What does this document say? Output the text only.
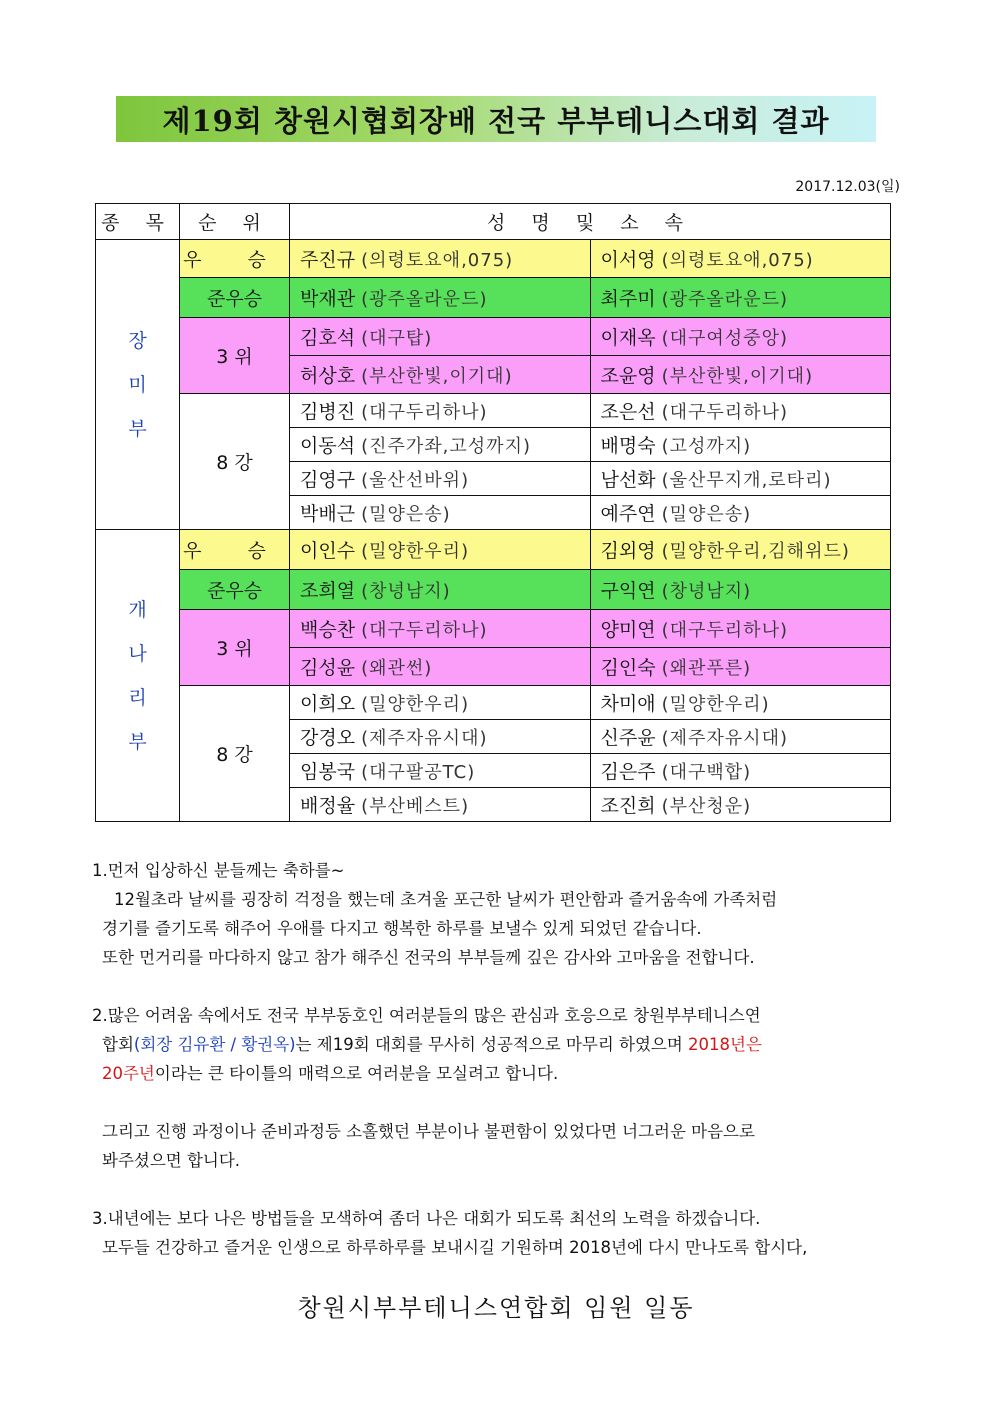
제19회 창원시협회장배 전국 부부테니스대회 결과
2017.12.03(일)
종 목	순 위	성 명 및 소 속	

장
미
부	우 승	주진규 (의령토요애,075)	이서영 (의령토요애,075)
	준우승	박재관 (광주올라운드)	최주미 (광주올라운드)
	3 위	김호석 (대구탑)	이재옥 (대구여성중앙)
		허상호 (부산한빛,이기대)	조윤영 (부산한빛,이기대)
	8 강	김병진 (대구두리하나)	조은선 (대구두리하나)
		이동석 (진주가좌,고성까지)	배명숙 (고성까지)
		김영구 (울산선바위)	남선화 (울산무지개,로타리)
		박배근 (밀양은송)	예주연 (밀양은송)

개
나
리
부	우 승	이인수 (밀양한우리)	김외영 (밀양한우리,김해위드)
	준우승	조희열 (창녕남지)	구익연 (창녕남지)
	3 위	백승찬 (대구두리하나)	양미연 (대구두리하나)
		김성윤 (왜관썬)	김인숙 (왜관푸른)
	8 강	이희오 (밀양한우리)	차미애 (밀양한우리)
		강경오 (제주자유시대)	신주윤 (제주자유시대)
		임봉국 (대구팔공TC)	김은주 (대구백합)
		배정율 (부산베스트)	조진희 (부산청운)

1.먼저 입상하신 분들께는 축하를~

12월초라 날씨를 굉장히 걱정을 했는데 초겨울 포근한 날씨가 편안함과 즐거움속에 가족처럼

경기를 즐기도록 해주어 우애를 다지고 행복한 하루를 보낼수 있게 되었던 같습니다.

또한 먼거리를 마다하지 않고 참가 해주신 전국의 부부들께 깊은 감사와 고마움을 전합니다.

2.많은 어려움 속에서도 전국 부부동호인 여러분들의 많은 관심과 호응으로 창원부부테니스연

합회(회장 김유환 / 황권옥)는 제19회 대회를 무사히 성공적으로 마무리 하였으며 2018년은

20주년이라는 큰 타이틀의 매력으로 여러분을 모실려고 합니다.

그리고 진행 과정이나 준비과정등 소홀했던 부분이나 불편함이 있었다면 너그러운 마음으로

봐주셨으면 합니다.

3.내년에는 보다 나은 방법들을 모색하여 좀더 나은 대회가 되도록 최선의 노력을 하겠습니다.

모두들 건강하고 즐거운 인생으로 하루하루를 보내시길 기원하며 2018년에 다시 만나도록 합시다,

창원시부부테니스연합회 임원 일동
